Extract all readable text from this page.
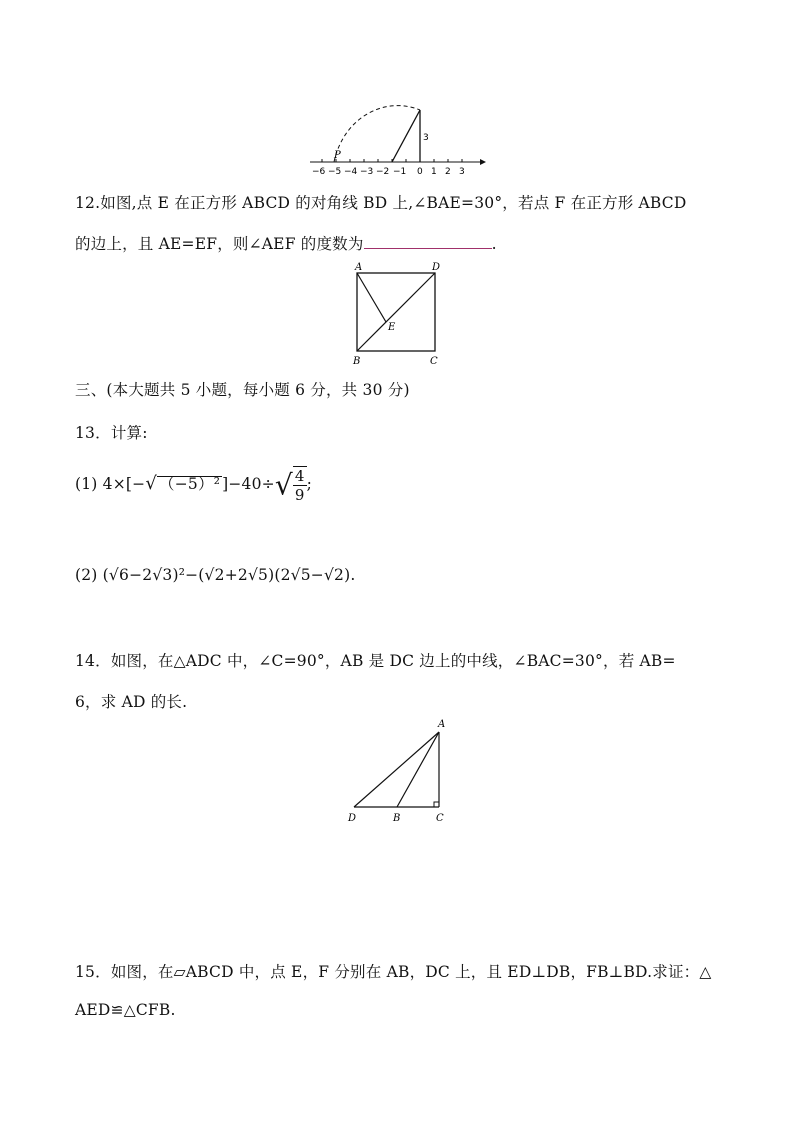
P
3
−6 −5 −4 −3 −2 −1 0 1 2 3
12.如图,点 E 在正方形 ABCD 的对角线 BD 上,∠BAE=30°，若点 F 在正方形 ABCD
的边上，且 AE=EF，则∠AEF 的度数为	.
A	D
E
B	C
三、(本大题共 5 小题，每小题 6 分，共 30 分)
13．计算:
(1) 4×[−√ （−5）² ]$-40\div√ \frac{4}{9}$ ;
(2) (√6−2√3)²−(√2+2√5)(2√5−√2).
14．如图，在△ADC 中，∠C=90°，AB 是 DC 边上的中线，∠BAC=30°，若 AB=
6，求 AD 的长.
A
D	B	C
15．如图，在▱ABCD 中，点 E，F 分别在 AB，DC 上，且 ED⊥DB，FB⊥BD.求证：△
AED≌△CFB.
